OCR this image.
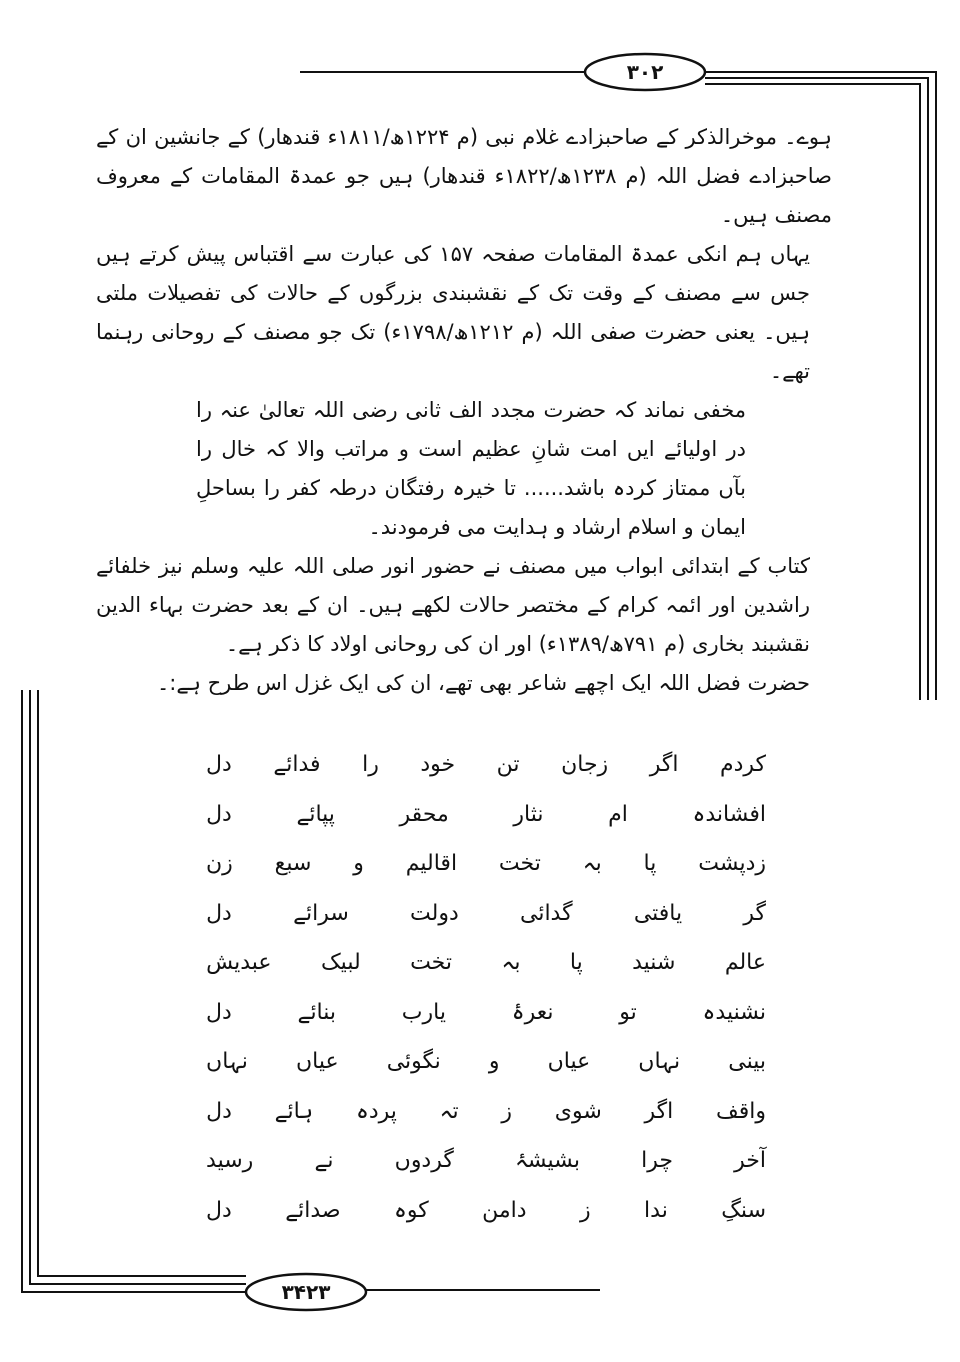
۳۰۲
۳۴۲۳

ہوے۔ موخرالذکر کے صاحبزادے غلام نبی (م ۱۲۲۴ھ/۱۸۱۱ء قندھار) کے جانشین ان کے صاحبزادے فضل اللہ (م ۱۲۳۸ھ/۱۸۲۲ء قندھار) ہیں جو عمدۃ المقامات کے معروف مصنف ہیں۔

یہاں ہم انکی عمدۃ المقامات صفحہ ۱۵۷ کی عبارت سے اقتباس پیش کرتے ہیں جس سے مصنف کے وقت تک کے نقشبندی بزرگوں کے حالات کی تفصیلات ملتی ہیں۔ یعنی حضرت صفی اللہ (م ۱۲۱۲ھ/۱۷۹۸ء) تک جو مصنف کے روحانی رہنما تھے۔

مخفی نماند کہ حضرت مجدد الف ثانی رضی اللہ تعالیٰ عنہ را در اولیائے ایں امت شانِ عظیم است و مراتب والا کہ خال را بآں ممتاز کردہ باشد...... تا خیرہ رفتگان درطہ کفر را بساحلِ ایمان و اسلام ارشاد و ہدایت می فرمودند۔

کتاب کے ابتدائی ابواب میں مصنف نے حضور انور صلی اللہ علیہ وسلم نیز خلفائے راشدین اور ائمہ کرام کے مختصر حالات لکھے ہیں۔ ان کے بعد حضرت بہاء الدین نقشبند بخاری (م ۷۹۱ھ/۱۳۸۹ء) اور ان کی روحانی اولاد کا ذکر ہے۔

حضرت فضل اللہ ایک اچھے شاعر بھی تھے، ان کی ایک غزل اس طرح ہے:۔

کردم
اگر
زجان
تن
خود
را
فدائے
دل
افشاندہ
ام
نثار
محقر
پپائے
دل
زدپشت
پا
بہ
تخت
اقالیم
و
سبع
زن
گر
یافتی
گدائی
دولت
سرائے
دل
عالم
شنید
پا
بہ
تخت
لبیک
عبدیش
نشنیدہ
تو
نعرۂ
یارب
بنائے
دل
بینی
نہاں
عیاں
و
نگوئی
عیاں
نہاں
واقف
اگر
شوی
ز
تہ
پردہ
ہائے
دل
آخر
چرا
بشیشۂ
گردوں
نے
رسید
سنگِ
ندا
ز
دامن
کوہ
صدائے
دل
